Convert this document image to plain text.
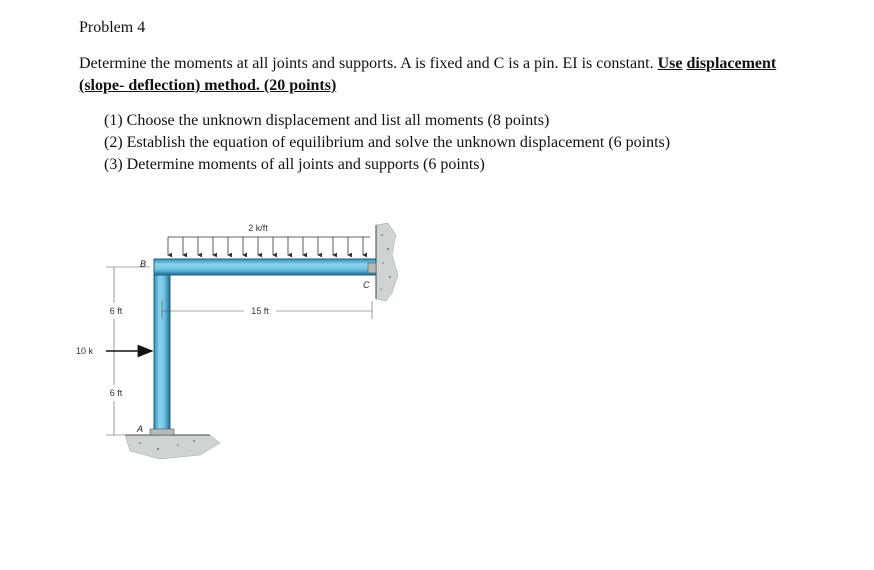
Problem 4
Determine the moments at all joints and supports. A is fixed and C is a pin. EI is constant. Use displacement (slope- deflection) method. (20 points)
(1) Choose the unknown displacement and list all moments (8 points)
(2) Establish the equation of equilibrium and solve the unknown displacement (6 points)
(3) Determine moments of all joints and supports (6 points)
2 k/ft
15 ft
6 ft
6 ft
10 k
B
C
A
